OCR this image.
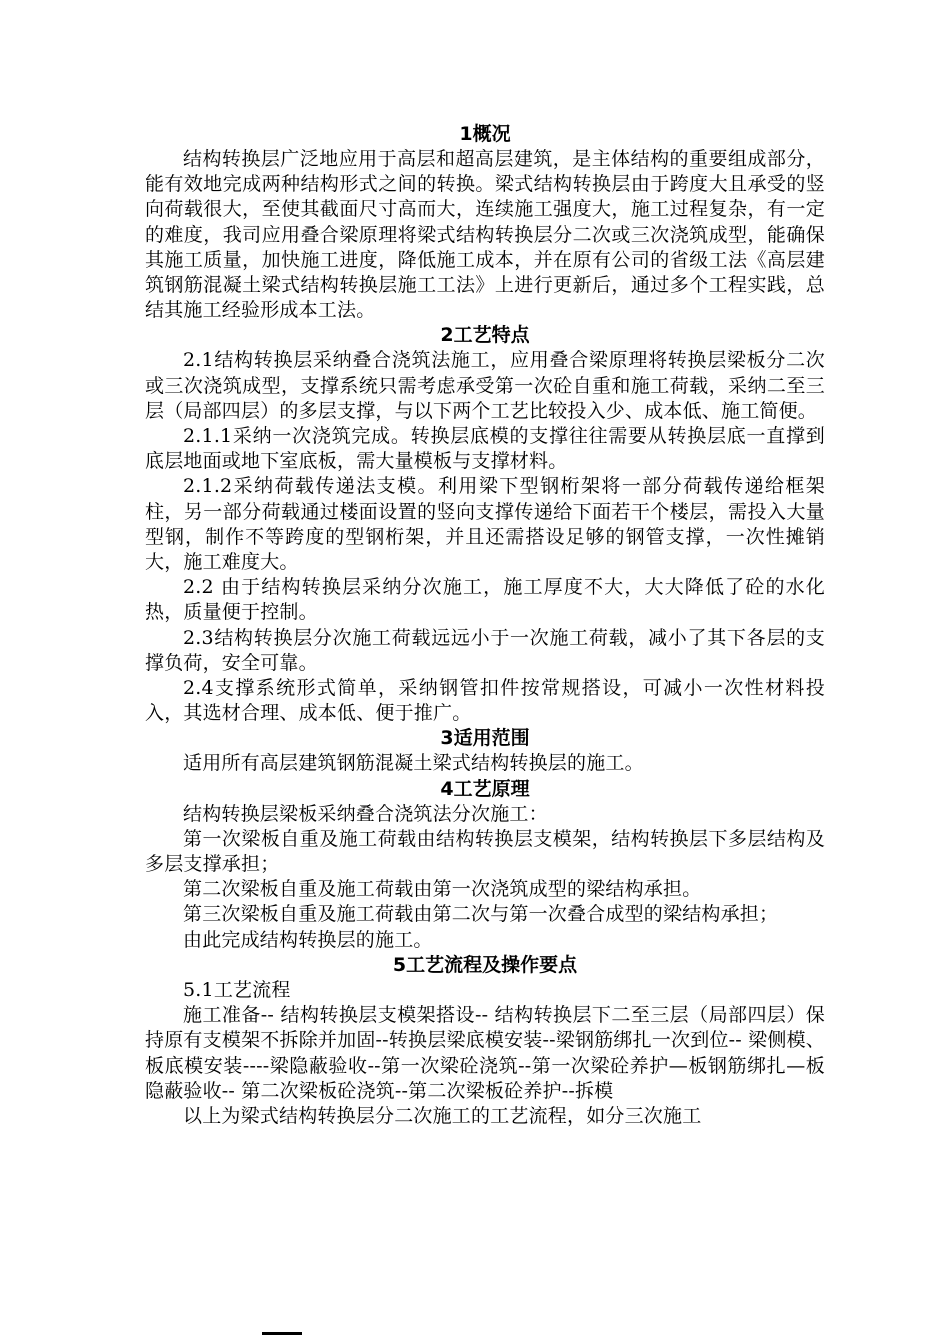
1概况

结构转换层广泛地应用于高层和超高层建筑，是主体结构的重要组成部分，能有效地完成两种结构形式之间的转换。梁式结构转换层由于跨度大且承受的竖向荷载很大，至使其截面尺寸高而大，连续施工强度大，施工过程复杂，有一定的难度，我司应用叠合梁原理将梁式结构转换层分二次或三次浇筑成型，能确保其施工质量，加快施工进度，降低施工成本，并在原有公司的省级工法《高层建筑钢筋混凝土梁式结构转换层施工工法》上进行更新后，通过多个工程实践，总结其施工经验形成本工法。

2工艺特点

2.1结构转换层采纳叠合浇筑法施工，应用叠合梁原理将转换层梁板分二次或三次浇筑成型，支撑系统只需考虑承受第一次砼自重和施工荷载，采纳二至三层（局部四层）的多层支撑，与以下两个工艺比较投入少、成本低、施工简便。

2.1.1采纳一次浇筑完成。转换层底模的支撑往往需要从转换层底一直撑到底层地面或地下室底板，需大量模板与支撑材料。

2.1.2采纳荷载传递法支模。利用梁下型钢桁架将一部分荷载传递给框架柱，另一部分荷载通过楼面设置的竖向支撑传递给下面若干个楼层，需投入大量型钢，制作不等跨度的型钢桁架，并且还需搭设足够的钢管支撑，一次性摊销大，施工难度大。

2.2 由于结构转换层采纳分次施工，施工厚度不大，大大降低了砼的水化热，质量便于控制。

2.3结构转换层分次施工荷载远远小于一次施工荷载，减小了其下各层的支撑负荷，安全可靠。

2.4支撑系统形式简单，采纳钢管扣件按常规搭设，可减小一次性材料投入，其选材合理、成本低、便于推广。

3适用范围

适用所有高层建筑钢筋混凝土梁式结构转换层的施工。

4工艺原理

结构转换层梁板采纳叠合浇筑法分次施工：

第一次梁板自重及施工荷载由结构转换层支模架，结构转换层下多层结构及多层支撑承担；

第二次梁板自重及施工荷载由第一次浇筑成型的梁结构承担。

第三次梁板自重及施工荷载由第二次与第一次叠合成型的梁结构承担；

由此完成结构转换层的施工。

5工艺流程及操作要点

5.1工艺流程

施工准备-- 结构转换层支模架搭设-- 结构转换层下二至三层（局部四层）保持原有支模架不拆除并加固--转换层梁底模安装--梁钢筋绑扎一次到位-- 梁侧模、板底模安装----梁隐蔽验收--第一次梁砼浇筑--第一次梁砼养护—板钢筋绑扎—板隐蔽验收-- 第二次梁板砼浇筑--第二次梁板砼养护--拆模

以上为梁式结构转换层分二次施工的工艺流程，如分三次施工
